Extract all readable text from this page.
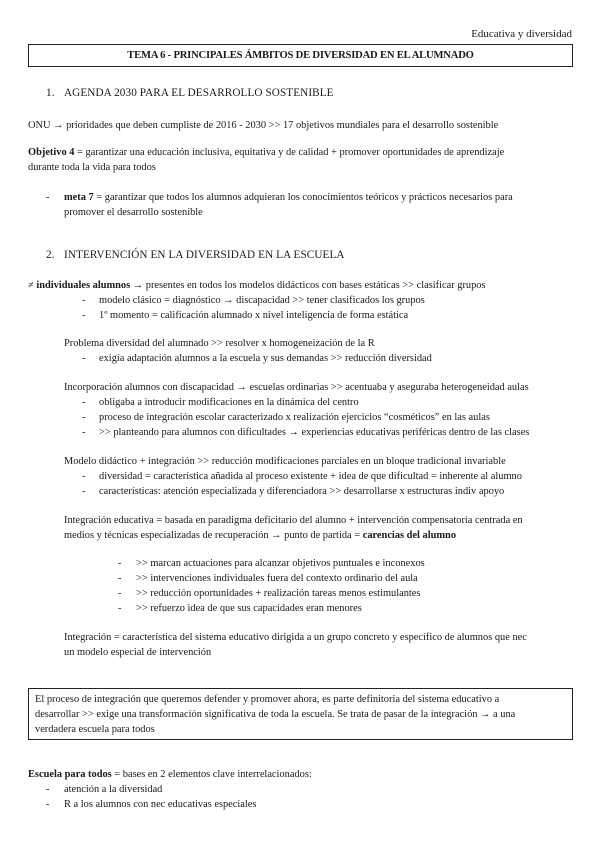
Educativa y diversidad
TEMA 6 - PRINCIPALES ÁMBITOS DE DIVERSIDAD EN EL ALUMNADO
1. AGENDA 2030 PARA EL DESARROLLO SOSTENIBLE
ONU → prioridades que deben cumpliste de 2016 - 2030 >> 17 objetivos mundiales para el desarrollo sostenible
Objetivo 4 = garantizar una educación inclusiva, equitativa y de calidad + promover oportunidades de aprendizaje
durante toda la vida para todos
- meta 7 = garantizar que todos los alumnos adquieran los conocimientos teóricos y prácticos necesarios para
promover el desarrollo sosteníble
2. INTERVENCIÓN EN LA DIVERSIDAD EN LA ESCUELA
≠ individuales alumnos → presentes en todos los modelos didácticos con bases estáticas >> clasificar grupos
- modelo clásico = diagnóstico → discapacidad >> tener clasificados los grupos
- 1º momento = calificación alumnado x nivel inteligencia de forma estática
Problema diversidad del alumnado >> resolver x homogeneización de la R
- exigía adaptación alumnos a la escuela y sus demandas >> reducción diversidad
Incorporación alumnos con discapacidad → escuelas ordinarias >> acentuaba y aseguraba heterogeneidad aulas
- obligaba a introducir modificaciones en la dinámica del centro
- proceso de integración escolar caracterizado x realización ejercicios “cosméticos” en las aulas
- >> planteando para alumnos con dificultades → experiencias educativas periféricas dentro de las clases
Modelo didáctico + integración >> reducción modificaciones parciales en un bloque tradicional invariable
- diversidad = característica añadida al proceso existente + idea de que dificultad = inherente al alumno
- características: atención especializada y diferenciadora >> desarrollarse x estructuras indiv apoyo
Integración educativa = basada en paradigma deficitario del alumno + intervención compensatoria centrada en
medios y técnicas especializadas de recuperación → punto de partida = carencias del alumno
- >> marcan actuaciones para alcanzar objetivos puntuales e inconexos
- >> intervenciones individuales fuera del contexto ordinario del aula
- >> reducción oportunidades + realización tareas menos estimulantes
- >> refuerzo idea de que sus capacidades eran menores
Integración = característica del sistema educativo dirigida a un grupo concreto y específico de alumnos que nec
un modelo especial de intervención
El proceso de integración que queremos defender y promover ahora, es parte definitoria del sistema educativo a
desarrollar >> exige una transformación significativa de toda la escuela. Se trata de pasar de la integración → a una
verdadera escuela para todos
Escuela para todos = bases en 2 elementos clave interrelacionados:
- atención a la diversidad
- R a los alumnos con nec educativas especiales
